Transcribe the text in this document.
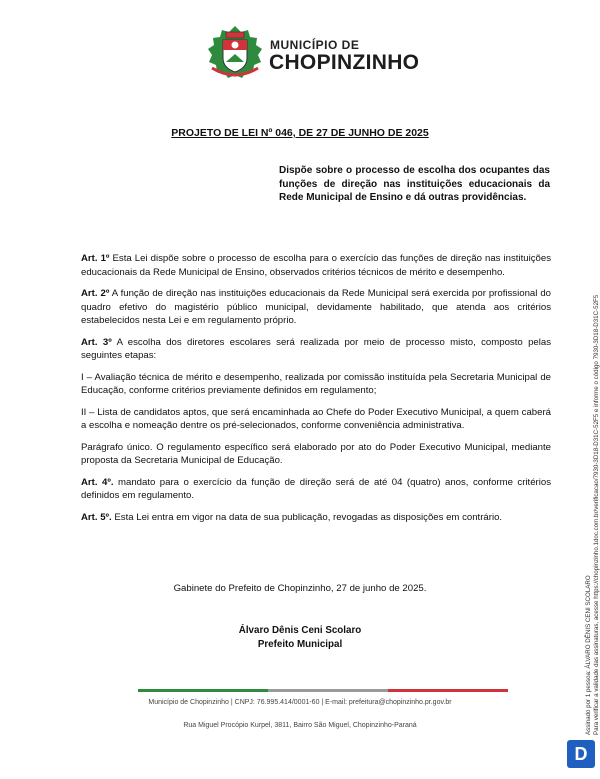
MUNICÍPIO DE
CHOPINZINHO
PROJETO DE LEI Nº 046, DE 27 DE JUNHO DE 2025
Dispõe sobre o processo de escolha dos ocupantes das funções de direção nas instituições educacionais da Rede Municipal de Ensino e dá outras providências.

Art. 1º Esta Lei dispõe sobre o processo de escolha para o exercício das funções de direção nas instituições educacionais da Rede Municipal de Ensino, observados critérios técnicos de mérito e desempenho.

Art. 2º A função de direção nas instituições educacionais da Rede Municipal será exercida por profissional do quadro efetivo do magistério público municipal, devidamente habilitado, que atenda aos critérios estabelecidos nesta Lei e em regulamento próprio.

Art. 3º A escolha dos diretores escolares será realizada por meio de processo misto, composto pelas seguintes etapas:

I – Avaliação técnica de mérito e desempenho, realizada por comissão instituída pela Secretaria Municipal de Educação, conforme critérios previamente definidos em regulamento;

II – Lista de candidatos aptos, que será encaminhada ao Chefe do Poder Executivo Municipal, a quem caberá a escolha e nomeação dentre os pré-selecionados, conforme conveniência administrativa.

Parágrafo único. O regulamento específico será elaborado por ato do Poder Executivo Municipal, mediante proposta da Secretaria Municipal de Educação.

Art. 4º. mandato para o exercício da função de direção será de até 04 (quatro) anos, conforme critérios definidos em regulamento.

Art. 5º. Esta Lei entra em vigor na data de sua publicação, revogadas as disposições em contrário.

Gabinete do Prefeito de Chopinzinho, 27 de junho de 2025.
Álvaro Dênis Ceni Scolaro
Prefeito Municipal
Município de Chopinzinho | CNPJ: 76.995.414/0001-60 | E-mail: prefeitura@chopinzinho.pr.gov.br
Rua Miguel Procópio Kurpel, 3811, Bairro São Miguel, Chopinzinho-Paraná	Assinado por 1 pessoa: ÁLVARO DÊNIS CENI SCOLARO Para verificar a validade das assinaturas, acesse https://chopinzinho.1doc.com.br/verificacao/7930-3D18-D31C-52F5 e informe o código 7930-3D18-D31C-52F5
D
